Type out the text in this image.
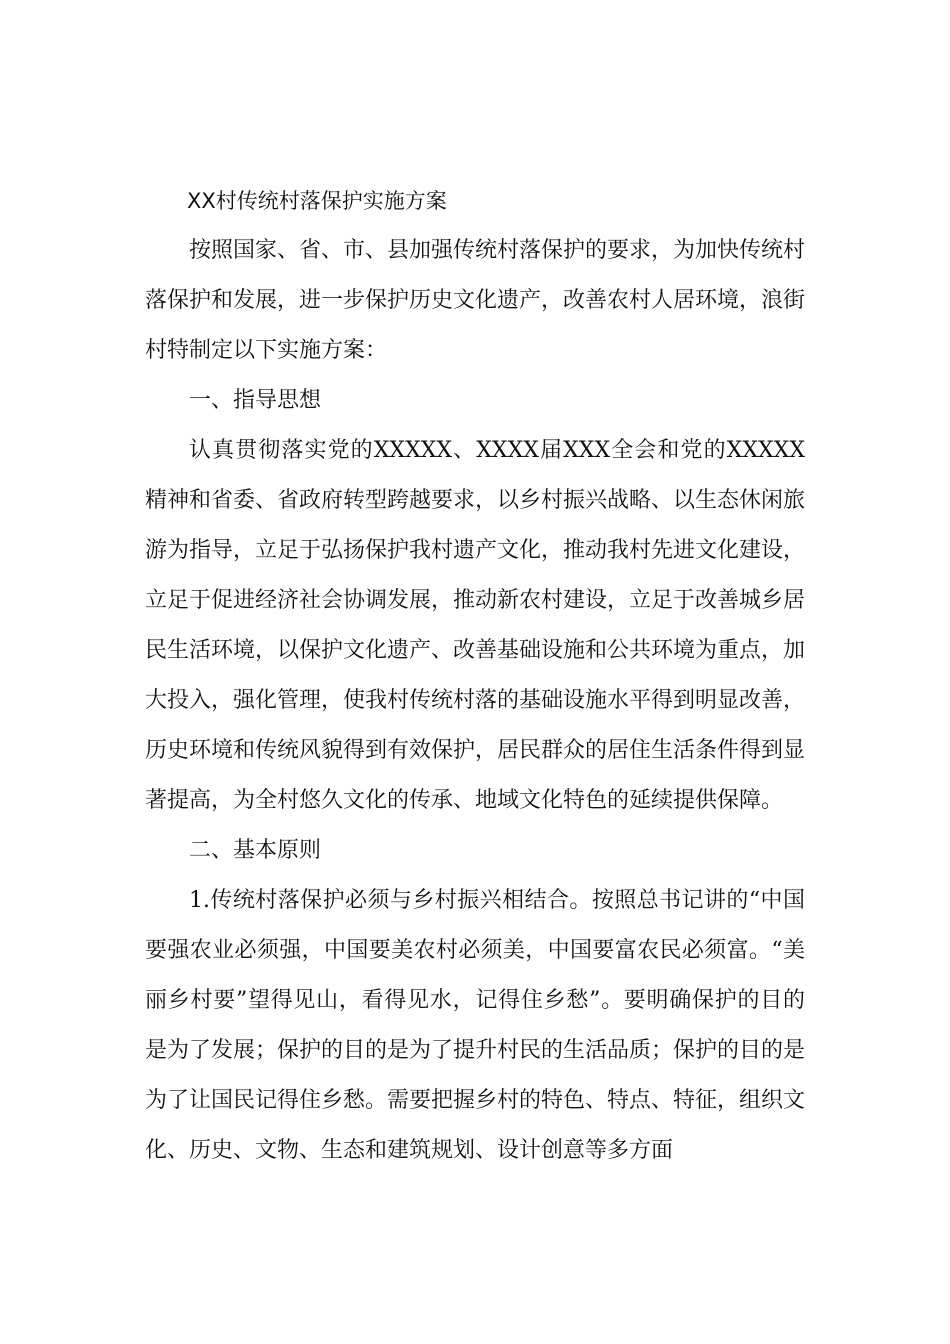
XX村传统村落保护实施方案

按照国家、省、市、县加强传统村落保护的要求，为加快传统村落保护和发展，进一步保护历史文化遗产，改善农村人居环境，浪街村特制定以下实施方案：

一、指导思想

认真贯彻落实党的XXXXX、XXXX届XXX全会和党的XXXXX精神和省委、省政府转型跨越要求，以乡村振兴战略、以生态休闲旅游为指导，立足于弘扬保护我村遗产文化，推动我村先进文化建设，立足于促进经济社会协调发展，推动新农村建设，立足于改善城乡居民生活环境，以保护文化遗产、改善基础设施和公共环境为重点，加大投入，强化管理，使我村传统村落的基础设施水平得到明显改善，历史环境和传统风貌得到有效保护，居民群众的居住生活条件得到显著提高，为全村悠久文化的传承、地域文化特色的延续提供保障。

二、基本原则

1.传统村落保护必须与乡村振兴相结合。按照总书记讲的“中国要强农业必须强，中国要美农村必须美，中国要富农民必须富。“美丽乡村要”望得见山，看得见水，记得住乡愁”。要明确保护的目的是为了发展；保护的目的是为了提升村民的生活品质；保护的目的是为了让国民记得住乡愁。需要把握乡村的特色、特点、特征，组织文化、历史、文物、生态和建筑规划、设计创意等多方面
